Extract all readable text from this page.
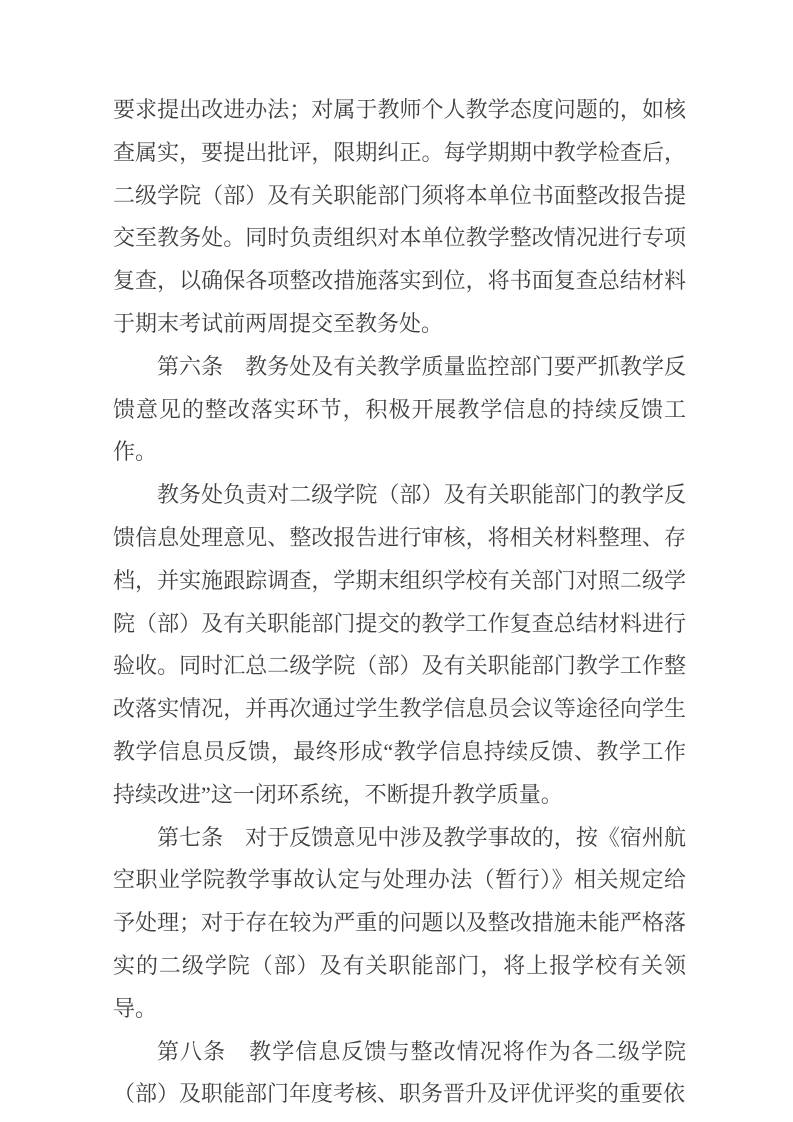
要求提出改进办法；对属于教师个人教学态度问题的，如核查属实，要提出批评，限期纠正。每学期期中教学检查后，二级学院（部）及有关职能部门须将本单位书面整改报告提交至教务处。同时负责组织对本单位教学整改情况进行专项复查，以确保各项整改措施落实到位，将书面复查总结材料于期末考试前两周提交至教务处。

第六条　教务处及有关教学质量监控部门要严抓教学反馈意见的整改落实环节，积极开展教学信息的持续反馈工作。

教务处负责对二级学院（部）及有关职能部门的教学反馈信息处理意见、整改报告进行审核，将相关材料整理、存档，并实施跟踪调查，学期末组织学校有关部门对照二级学院（部）及有关职能部门提交的教学工作复查总结材料进行验收。同时汇总二级学院（部）及有关职能部门教学工作整改落实情况，并再次通过学生教学信息员会议等途径向学生教学信息员反馈，最终形成“教学信息持续反馈、教学工作持续改进”这一闭环系统，不断提升教学质量。

第七条　对于反馈意见中涉及教学事故的，按《宿州航空职业学院教学事故认定与处理办法（暂行）》相关规定给予处理；对于存在较为严重的问题以及整改措施未能严格落实的二级学院（部）及有关职能部门，将上报学校有关领导。

第八条　教学信息反馈与整改情况将作为各二级学院（部）及职能部门年度考核、职务晋升及评优评奖的重要依
